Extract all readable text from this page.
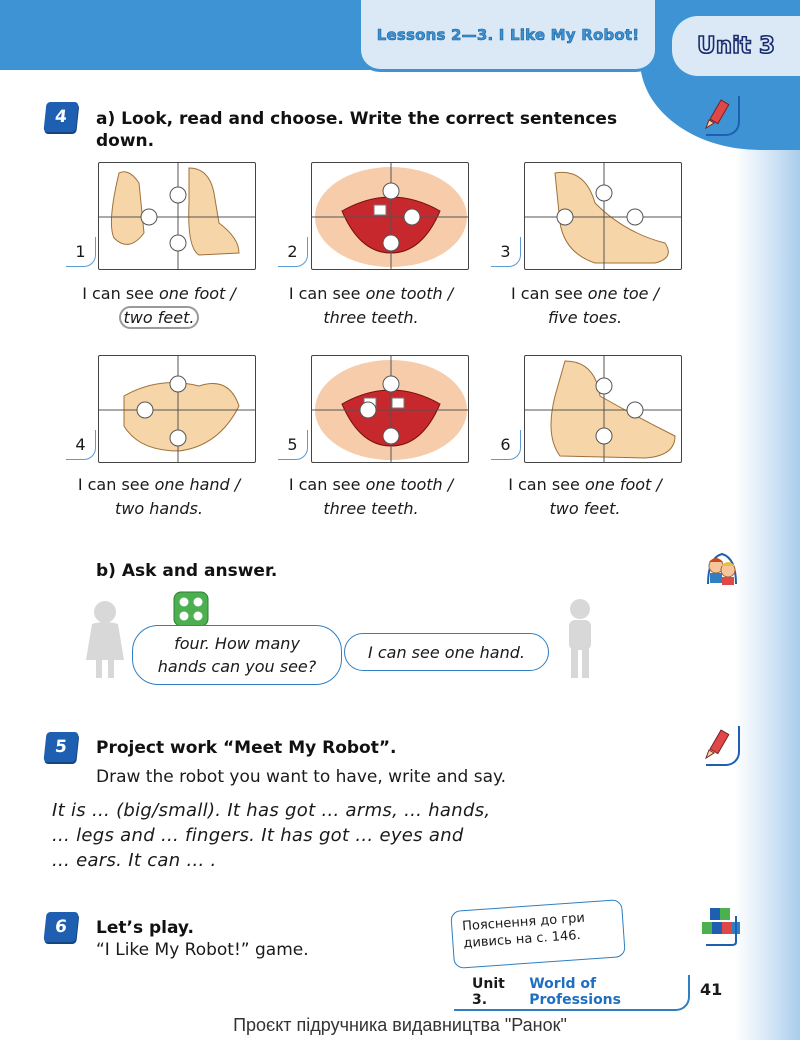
Lessons 2—3. I Like My Robot!	Unit 3
4	a) Look, read and choose. Write the correct sentences down.
1
I can see one foot /
two feet.
2
I can see one tooth /
three teeth.
3
I can see one toe /
five toes.
4
I can see one hand /
two hands.
5
I can see one tooth /
three teeth.
6
I can see one foot /
two feet.
b) Ask and answer.
four. How many
hands can you see?
I can see one hand.
5	Project work “Meet My Robot”.
Draw the robot you want to have, write and say.
It is ... (big/small). It has got ... arms, ... hands,
... legs and ... fingers. It has got ... eyes and
... ears. It can ... .
6	Let’s play.
“I Like My Robot!” game.
Пояснення до гри
дивись на с. 146.
Unit 3.
World of Professions
41
Проєкт підручника видавництва "Ранок"
